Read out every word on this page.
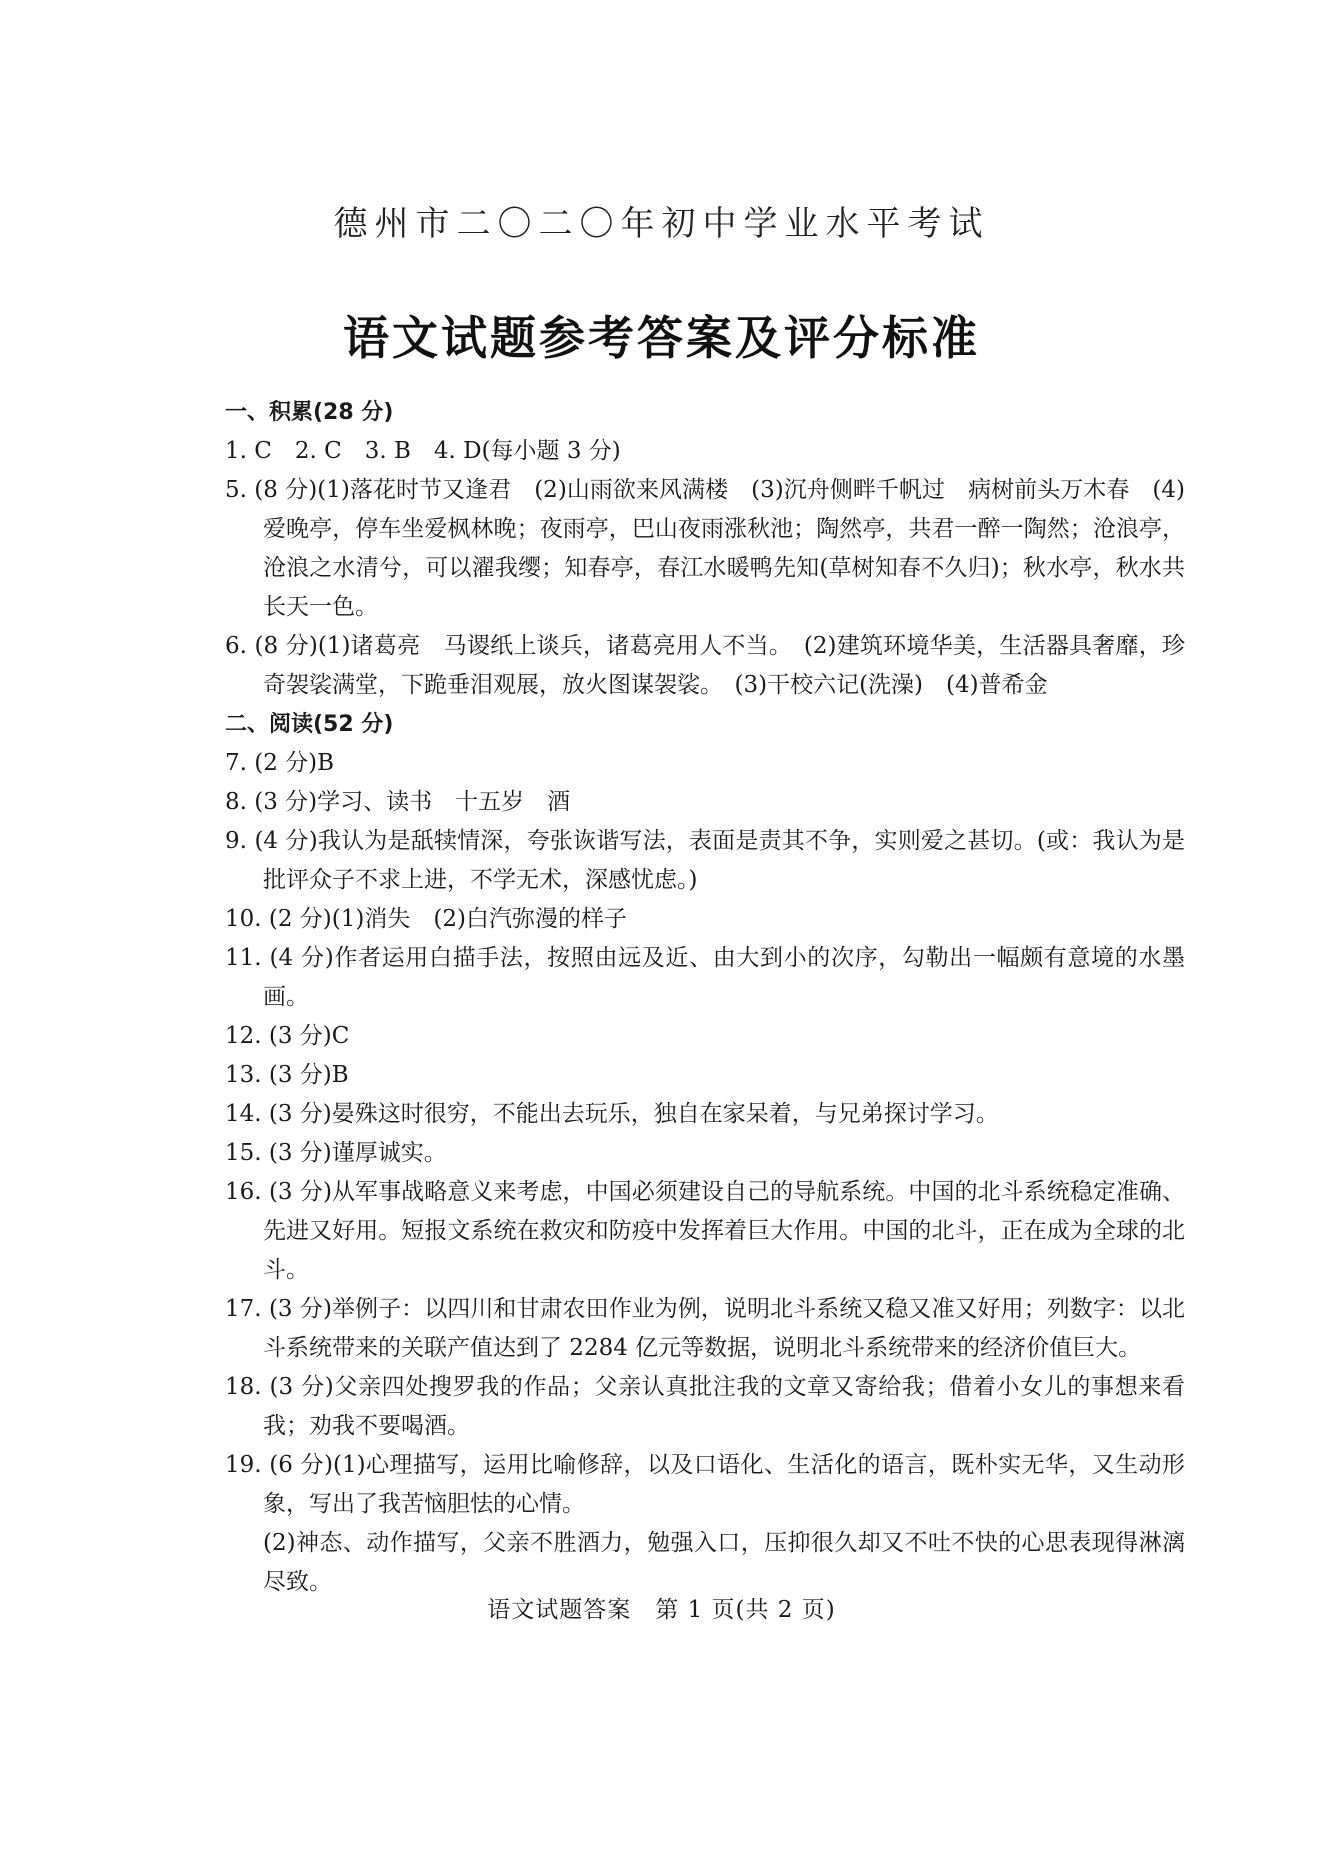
德州市二〇二〇年初中学业水平考试
语文试题参考答案及评分标准
一、积累(28 分)
1. C　2. C　3. B　4. D(每小题 3 分)
5. (8 分)(1)落花时节又逢君　(2)山雨欲来风满楼　(3)沉舟侧畔千帆过　病树前头万木春　(4)爱晚亭，停车坐爱枫林晚；夜雨亭，巴山夜雨涨秋池；陶然亭，共君一醉一陶然；沧浪亭，沧浪之水清兮，可以濯我缨；知春亭，春江水暖鸭先知(草树知春不久归)；秋水亭，秋水共长天一色。
6. (8 分)(1)诸葛亮　马谡纸上谈兵，诸葛亮用人不当。　(2)建筑环境华美，生活器具奢靡，珍奇袈裟满堂，下跪垂泪观展，放火图谋袈裟。　(3)干校六记(洗澡)　(4)普希金
二、阅读(52 分)
7. (2 分)B
8. (3 分)学习、读书　十五岁　酒
9. (4 分)我认为是舐犊情深，夸张诙谐写法，表面是责其不争，实则爱之甚切。(或：我认为是批评众子不求上进，不学无术，深感忧虑。)
10. (2 分)(1)消失　(2)白汽弥漫的样子
11. (4 分)作者运用白描手法，按照由远及近、由大到小的次序，勾勒出一幅颇有意境的水墨画。
12. (3 分)C
13. (3 分)B
14. (3 分)晏殊这时很穷，不能出去玩乐，独自在家呆着，与兄弟探讨学习。
15. (3 分)谨厚诚实。
16. (3 分)从军事战略意义来考虑，中国必须建设自己的导航系统。中国的北斗系统稳定准确、先进又好用。短报文系统在救灾和防疫中发挥着巨大作用。中国的北斗，正在成为全球的北斗。
17. (3 分)举例子：以四川和甘肃农田作业为例，说明北斗系统又稳又准又好用；列数字：以北斗系统带来的关联产值达到了 2284 亿元等数据，说明北斗系统带来的经济价值巨大。
18. (3 分)父亲四处搜罗我的作品；父亲认真批注我的文章又寄给我；借着小女儿的事想来看我；劝我不要喝酒。
19. (6 分)(1)心理描写，运用比喻修辞，以及口语化、生活化的语言，既朴实无华，又生动形象，写出了我苦恼胆怯的心情。
(2)神态、动作描写，父亲不胜酒力，勉强入口，压抑很久却又不吐不快的心思表现得淋漓尽致。
语文试题答案　第 1 页(共 2 页)
